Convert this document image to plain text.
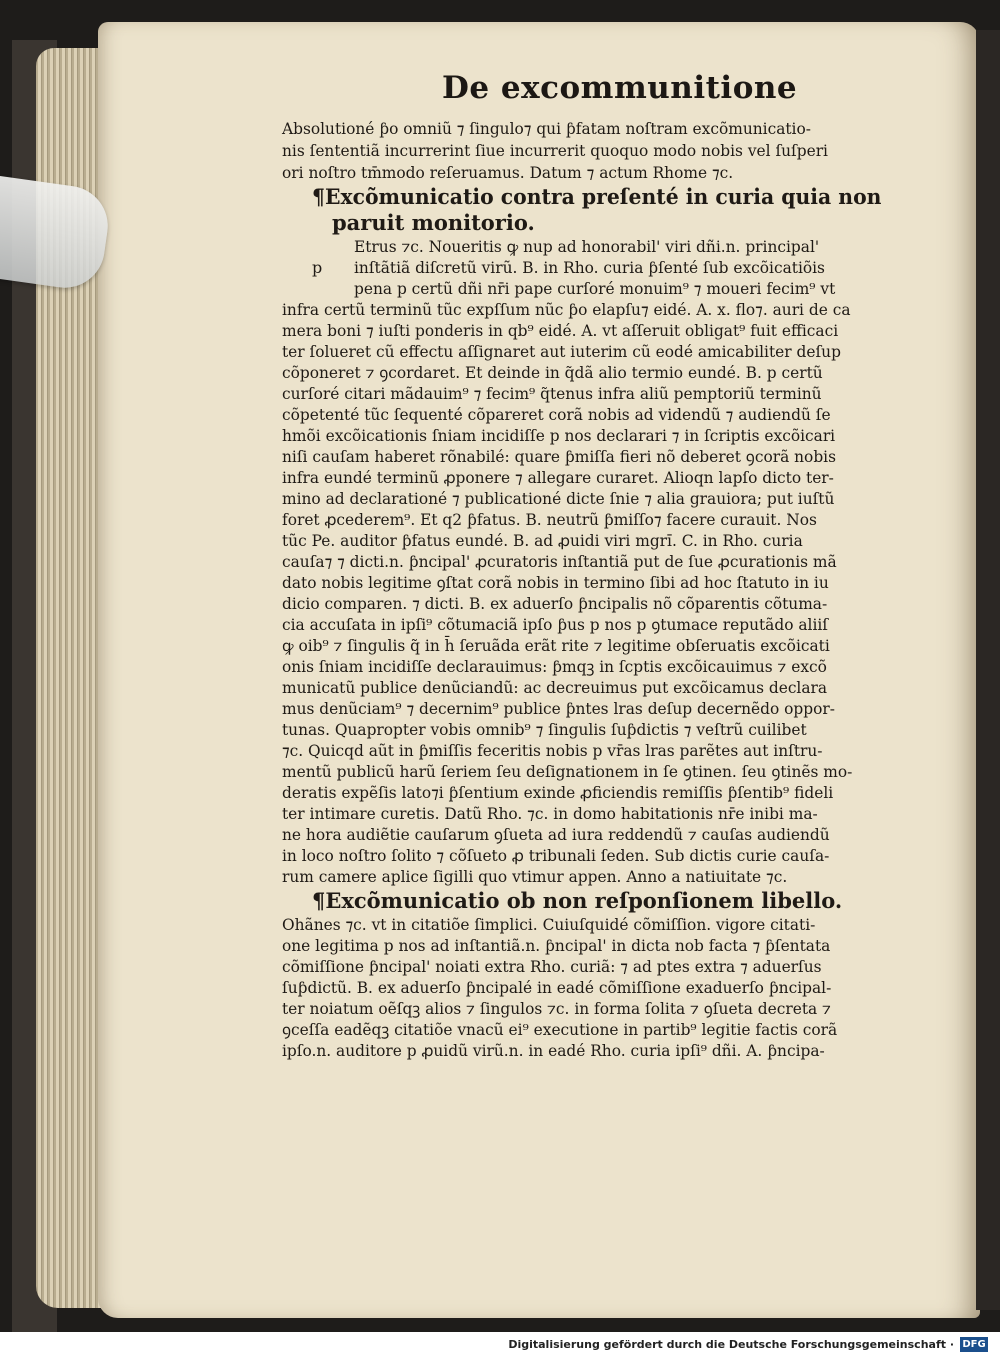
De excommunitione
p
Absolutioné ƥo omniũ ⁊ ſingulo⁊ qui ƥfatam noſtram excõmunicatio-
nis ſententiã incurrerint ſiue incurrerit quoquo modo nobis vel ſuſperi
ori noſtro tm̄modo reſeruamus. Datum ⁊ actum Rhome ⁊c.
¶Excõmunicatio contra preſenté in curia quia non
paruit monitorio.
Etrus ⁊c. Noueritis ꝙ nup ad honorabil' viri dñi.n. principal'
inſtãtiã diſcretũ virũ. B. in Rho. curia ƥſenté ſub excõicatiõis
pena p certũ dñi nr̄i pape curſoré monuim⁹ ⁊ moueri fecim⁹ vt
infra certũ terminũ tũc expſſum nũc ƥo elapſu⁊ eidé. A. x. flo⁊. auri de ca
mera boni ⁊ iuſti ponderis in qb⁹ eidé. A. vt aſſeruit obligat⁹ fuit efficaci
ter ſolueret cũ effectu aſſignaret aut iuterim cũ eodé amicabiliter deſup
cõponeret ⁊ ꝯcordaret. Et deinde in q̃dã alio termio eundé. B. p certũ
curſoré citari mãdauim⁹ ⁊ fecim⁹ q̃tenus infra aliũ pemptoriũ terminũ
cõpetenté tũc ſequenté cõpareret corã nobis ad videndũ ⁊ audiendũ ſe
hmõi excõicationis ſniam incidiſſe p nos declarari ⁊ in ſcriptis excõicari
niſi cauſam haberet rõnabilé: quare ƥmiſſa fieri nõ deberet ꝯcorã nobis
infra eundé terminũ ꝓponere ⁊ allegare curaret. Alioqn lapſo dicto ter-
mino ad declarationé ⁊ publicationé dicte ſnie ⁊ alia grauiora; put iuſtũ
foret ꝓcederem⁹. Et q2 ƥfatus. B. neutrũ ƥmiſſo⁊ facere curauit. Nos
tũc Pe. auditor ƥfatus eundé. B. ad ꝓuidi viri mgrı̄. C. in Rho. curia
cauſa⁊ ⁊ dicti.n. ƥncipal' ꝓcuratoris inſtantiã put de ſue ꝓcurationis mã
dato nobis legitime ꝯſtat corã nobis in termino ſibi ad hoc ſtatuto in iu
dicio comparen. ⁊ dicti. B. ex aduerſo ƥncipalis nõ cõparentis cõtuma-
cia accuſata in ipſi⁹ cõtumaciã ipſo ƥus p nos p ꝯtumace reputãdo aliiſ
ꝙ oib⁹ ⁊ ſingulis q̃ in h̄ ſeruãda erãt rite ⁊ legitime obſeruatis excõicati
onis ſniam incidiſſe declarauimus: ƥmqꝫ in ſcptis excõicauimus ⁊ excõ
municatũ publice denũciandũ: ac decreuimus put excõicamus declara
mus denũciam⁹ ⁊ decernim⁹ publice ƥntes lras deſup decernẽdo oppor-
tunas. Quapropter vobis omnib⁹ ⁊ ſingulis ſuƥdictis ⁊ veſtrũ cuilibet
⁊c. Quicqd aũt in ƥmiſſis feceritis nobis p vr̄as lras parẽtes aut inſtru-
mentũ publicũ harũ ſeriem ſeu deſignationem in ſe ꝯtinen. ſeu ꝯtinẽs mo-
deratis expẽſis lato⁊i ƥſentium exinde ꝓficiendis remiſſis ƥſentib⁹ fideli
ter intimare curetis. Datũ Rho. ⁊c. in domo habitationis nr̄e inibi ma-
ne hora audiẽtie cauſarum ꝯſueta ad iura reddendũ ⁊ cauſas audiendũ
in loco noſtro ſolito ⁊ cõſueto ꝓ tribunali ſeden. Sub dictis curie cauſa-
rum camere aplice ſigilli quo vtimur appen. Anno a natiuitate ⁊c.
¶Excõmunicatio ob non reſponſionem libello.
Ohãnes ⁊c. vt in citatiõe ſimplici. Cuiuſquidé cõmiſſion. vigore citati-
one legitima p nos ad inſtantiã.n. ƥncipal' in dicta nob facta ⁊ ƥſentata
cõmiſſione ƥncipal' noiati extra Rho. curiã: ⁊ ad ptes extra ⁊ aduerſus
ſuƥdictũ. B. ex aduerſo ƥncipalé in eadé cõmiſſione exaduerſo ƥncipal-
ter noiatum oẽſqꝫ alios ⁊ ſingulos ⁊c. in forma ſolita ⁊ ꝯſueta decreta ⁊
ꝯceſſa eadẽqꝫ citatiõe vnacũ ei⁹ executione in partib⁹ legitie factis corã
ipſo.n. auditore p ꝓuidũ virũ.n. in eadé Rho. curia ipſi⁹ dñi. A. ƥncipa-
Digitalisierung gefördert durch die Deutsche Forschungsgemeinschaft · DFG
